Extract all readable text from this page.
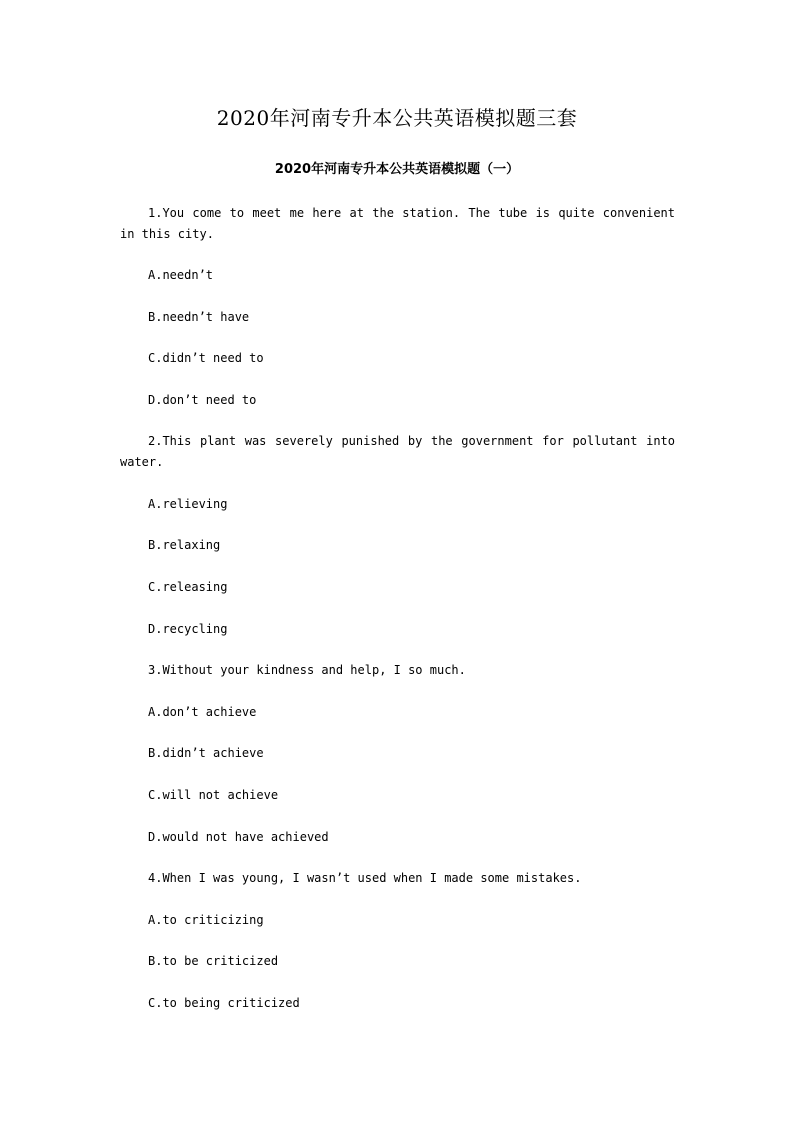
2020年河南专升本公共英语模拟题三套
2020年河南专升本公共英语模拟题（一）

1.You come to meet me here at the station. The tube is quite convenient in this city.

A.needn’t
B.needn’t have
C.didn’t need to
D.don’t need to

2.This plant was severely punished by the government for pollutant into water.

A.relieving
B.relaxing
C.releasing
D.recycling

3.Without your kindness and help, I so much.

A.don’t achieve
B.didn’t achieve
C.will not achieve
D.would not have achieved

4.When I was young, I wasn’t used when I made some mistakes.

A.to criticizing
B.to be criticized
C.to being criticized
